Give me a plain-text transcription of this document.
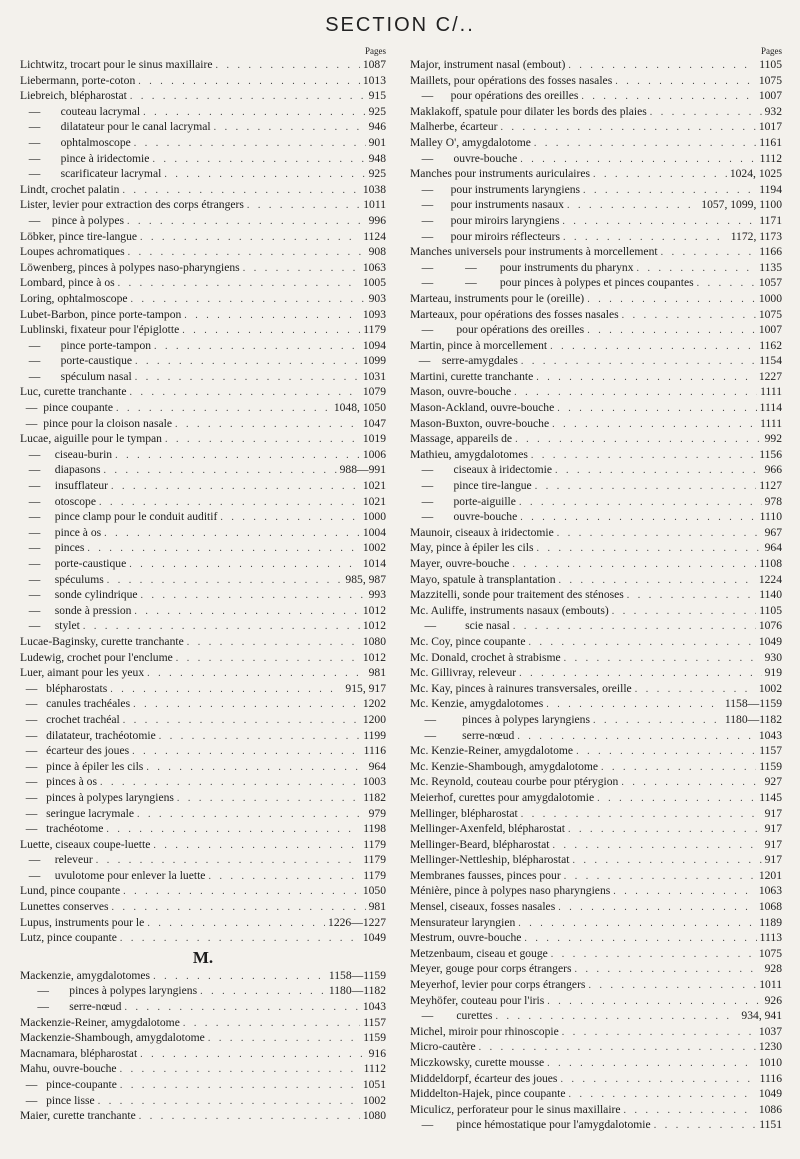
SECTION C/..
Pages
Lichtwitz, trocart pour le sinus maxillaire . . .	1087
Liebermann, porte-coton . . .	1013
Liebreich, blépharostat . . .	915
—       couteau lacrymal . . .	925
—       dilatateur pour le canal lacrymal . . .	946
—       ophtalmoscope . . .	901
—       pince à iridectomie . . .	948
—       scarificateur lacrymal . . .	925
Lindt, crochet palatin . . .	1038
Lister, levier pour extraction des corps étrangers . . .	1011
—    pince à polypes . . .	996
Löbker, pince tire-langue . . .	1124
Loupes achromatiques . . .	908
Löwenberg, pinces à polypes naso-pharyngiens . . .	1063
Lombard, pince à os . . .	1005
Loring, ophtalmoscope . . .	903
Lubet-Barbon, pince porte-tampon . . .	1093
Lublinski, fixateur pour l'épiglotte . . .	1179
—       pince porte-tampon . . .	1094
—       porte-caustique . . .	1099
—       spéculum nasal . . .	1031
Luc, curette tranchante . . .	1079
—  pince coupante . . .	1048, 1050
—  pince pour la cloison nasale . . .	1047
Lucae, aiguille pour le tympan . . .	1019
—     ciseau-burin . . .	1006
—     diapasons . . .	988—991
—     insufflateur . . .	1021
—     otoscope . . .	1021
—     pince clamp pour le conduit auditif . . .	1000
—     pince à os . . .	1004
—     pinces . . .	1002
—     porte-caustique . . .	1014
—     spéculums . . .	985, 987
—     sonde cylindrique . . .	993
—     sonde à pression . . .	1012
—     stylet . . .	1012
Lucae-Baginsky, curette tranchante . . .	1080
Ludewig, crochet pour l'enclume . . .	1012
Luer, aimant pour les yeux . . .	981
—   blépharostats . . .	915, 917
—   canules trachéales . . .	1202
—   crochet trachéal . . .	1200
—   dilatateur, trachéotomie . . .	1199
—   écarteur des joues . . .	1116
—   pince à épiler les cils . . .	964
—   pinces à os . . .	1003
—   pinces à polypes laryngiens . . .	1182
—   seringue lacrymale . . .	979
—   trachéotome . . .	1198
Luette, ciseaux coupe-luette . . .	1179
—     releveur . . .	1179
—     uvulotome pour enlever la luette . . .	1179
Lund, pince coupante . . .	1050
Lunettes conserves . . .	981
Lupus, instruments pour le . . .	1226—1227
Lutz, pince coupante . . .	1049
M.
Mackenzie, amygdalotomes . . .	1158—1159
—       pinces à polypes laryngiens . . .	1180—1182
—       serre-nœud . . .	1043
Mackenzie-Reiner, amygdalotome . . .	1157
Mackenzie-Shambough, amygdalotome . . .	1159
Macnamara, blépharostat . . .	916
Mahu, ouvre-bouche . . .	1112
—   pince-coupante . . .	1051
—   pince lisse . . .	1002
Maier, curette tranchante . . .	1080
Pages
Major, instrument nasal (embout) . . .	1105
Maillets, pour opérations des fosses nasales . . .	1075
—      pour opérations des oreilles . . .	1007
Maklakoff, spatule pour dilater les bords des plaies . . .	932
Malherbe, écarteur . . .	1017
Malley O', amygdalotome . . .	1161
—       ouvre-bouche . . .	1112
Manches pour instruments auriculaires . . .	1024, 1025
—      pour instruments laryngiens . . .	1194
—      pour instruments nasaux . . .	1057, 1099, 1100
—      pour miroirs laryngiens . . .	1171
—      pour miroirs réflecteurs . . .	1172, 1173
Manches universels pour instruments à morcellement . . .	1166
—           —        pour instruments du pharynx . . .	1135
—           —        pour pinces à polypes et pinces coupantes . . .	1057
Marteau, instruments pour le (oreille) . . .	1000
Marteaux, pour opérations des fosses nasales . . .	1075
—        pour opérations des oreilles . . .	1007
Martin, pince à morcellement . . .	1162
—    serre-amygdales . . .	1154
Martini, curette tranchante . . .	1227
Mason, ouvre-bouche . . .	1111
Mason-Ackland, ouvre-bouche . . .	1114
Mason-Buxton, ouvre-bouche . . .	1111
Massage, appareils de . . .	992
Mathieu, amygdalotomes . . .	1156
—       ciseaux à iridectomie . . .	966
—       pince tire-langue . . .	1127
—       porte-aiguille . . .	978
—       ouvre-bouche . . .	1110
Maunoir, ciseaux à iridectomie . . .	967
May, pince à épiler les cils . . .	964
Mayer, ouvre-bouche . . .	1108
Mayo, spatule à transplantation . . .	1224
Mazzitelli, sonde pour traitement des sténoses . . .	1140
Mc. Auliffe, instruments nasaux (embouts) . . .	1105
—          scie nasal . . .	1076
Mc. Coy, pince coupante . . .	1049
Mc. Donald, crochet à strabisme . . .	930
Mc. Gillivray, releveur . . .	919
Mc. Kay, pinces à rainures transversales, oreille . . .	1002
Mc. Kenzie, amygdalotomes . . .	1158—1159
—         pinces à polypes laryngiens . . .	1180—1182
—         serre-nœud . . .	1043
Mc. Kenzie-Reiner, amygdalotome . . .	1157
Mc. Kenzie-Shambough, amygdalotome . . .	1159
Mc. Reynold, couteau courbe pour ptérygion . . .	927
Meierhof, curettes pour amygdalotomie . . .	1145
Mellinger, blépharostat . . .	917
Mellinger-Axenfeld, blépharostat . . .	917
Mellinger-Beard, blépharostat . . .	917
Mellinger-Nettleship, blépharostat . . .	917
Membranes fausses, pinces pour . . .	1201
Ménière, pince à polypes naso pharyngiens . . .	1063
Mensel, ciseaux, fosses nasales . . .	1068
Mensurateur laryngien . . .	1189
Mestrum, ouvre-bouche . . .	1113
Metzenbaum, ciseau et gouge . . .	1075
Meyer, gouge pour corps étrangers . . .	928
Meyerhof, levier pour corps étrangers . . .	1011
Meyhöfer, couteau pour l'iris . . .	926
—        curettes . . .	934, 941
Michel, miroir pour rhinoscopie . . .	1037
Micro-cautère . . .	1230
Miczkowsky, curette mousse . . .	1010
Middeldorpf, écarteur des joues . . .	1116
Middelton-Hajek, pince coupante . . .	1049
Miculicz, perforateur pour le sinus maxillaire . . .	1086
—        pince hémostatique pour l'amygdalotomie . . .	1151
